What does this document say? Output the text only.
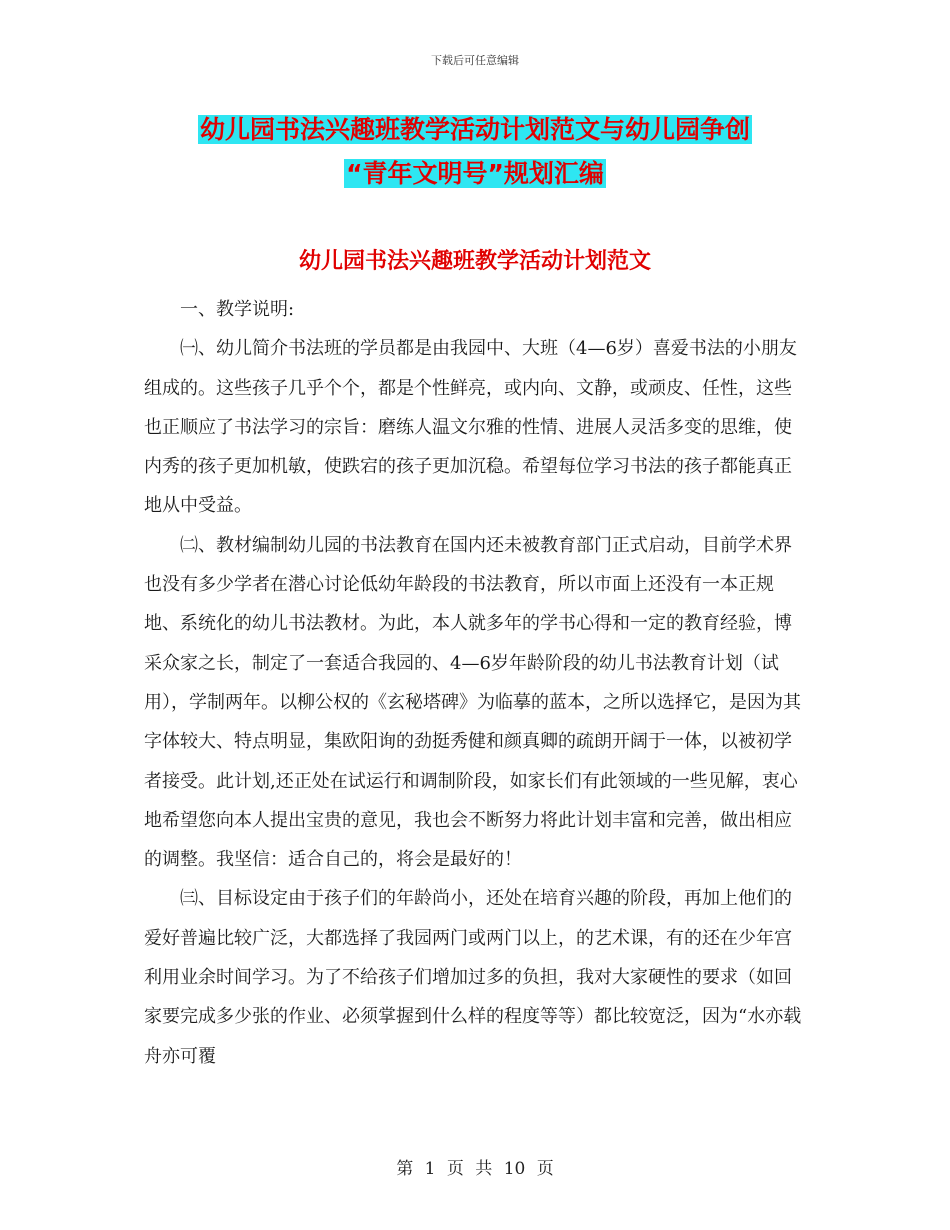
下载后可任意编辑
幼儿园书法兴趣班教学活动计划范文与幼儿园争创
“青年文明号”规划汇编
幼儿园书法兴趣班教学活动计划范文

一、教学说明:

㈠、幼儿简介书法班的学员都是由我园中、大班（4—6岁）喜爱书法的小朋友组成的。这些孩子几乎个个，都是个性鲜亮，或内向、文静，或顽皮、任性，这些也正顺应了书法学习的宗旨：磨练人温文尔雅的性情、进展人灵活多变的思维，使内秀的孩子更加机敏，使跌宕的孩子更加沉稳。希望每位学习书法的孩子都能真正地从中受益。

㈡、教材编制幼儿园的书法教育在国内还未被教育部门正式启动，目前学术界也没有多少学者在潜心讨论低幼年龄段的书法教育，所以市面上还没有一本正规地、系统化的幼儿书法教材。为此，本人就多年的学书心得和一定的教育经验，博采众家之长，制定了一套适合我园的、4—6岁年龄阶段的幼儿书法教育计划（试用），学制两年。以柳公权的《玄秘塔碑》为临摹的蓝本，之所以选择它，是因为其字体较大、特点明显，集欧阳询的劲挺秀健和颜真卿的疏朗开阔于一体，以被初学者接受。此计划,还正处在试运行和调制阶段，如家长们有此领域的一些见解，衷心地希望您向本人提出宝贵的意见，我也会不断努力将此计划丰富和完善，做出相应的调整。我坚信：适合自己的，将会是最好的！

㈢、目标设定由于孩子们的年龄尚小，还处在培育兴趣的阶段，再加上他们的爱好普遍比较广泛，大都选择了我园两门或两门以上，的艺术课，有的还在少年宫利用业余时间学习。为了不给孩子们增加过多的负担，我对大家硬性的要求（如回家要完成多少张的作业、必须掌握到什么样的程度等等）都比较宽泛，因为“水亦载舟亦可覆

第 1 页 共 10 页
